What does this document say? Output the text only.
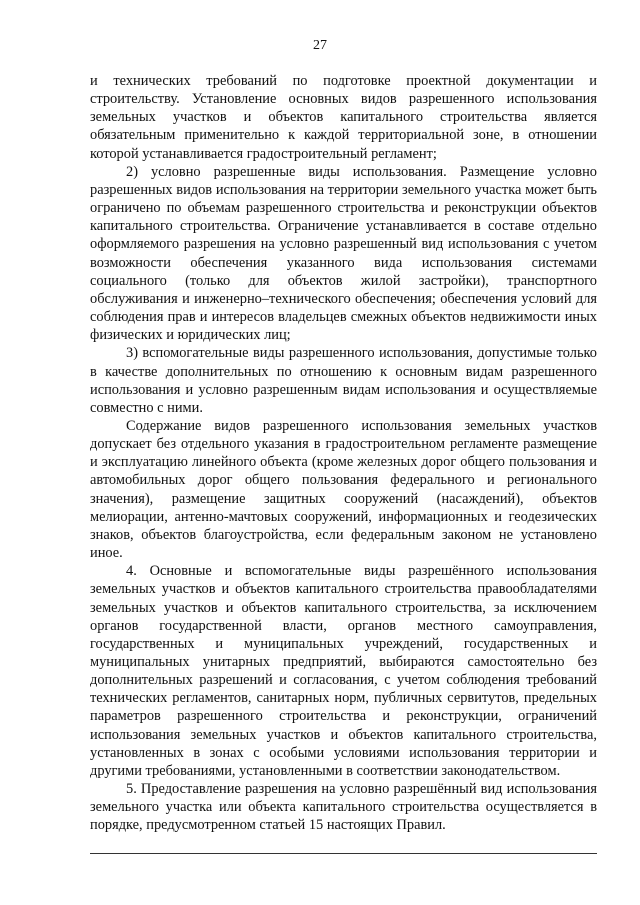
27

и технических требований по подготовке проектной документации и строительству. Установление основных видов разрешенного использования земельных участков и объектов капитального строительства является обязательным применительно к каждой территориальной зоне, в отношении которой устанавливается градостроительный регламент;

2) условно разрешенные виды использования. Размещение условно разрешенных видов использования на территории земельного участка может быть ограничено по объемам разрешенного строительства и реконструкции объектов капитального строительства. Ограничение устанавливается в составе отдельно оформляемого разрешения на условно разрешенный вид использования с учетом возможности обеспечения указанного вида использования системами социального (только для объектов жилой застройки), транспортного обслуживания и инженерно–технического обеспечения; обеспечения условий для соблюдения прав и интересов владельцев смежных объектов недвижимости иных физических и юридических лиц;

3) вспомогательные виды разрешенного использования, допустимые только в качестве дополнительных по отношению к основным видам разрешенного использования и условно разрешенным видам использования и осуществляемые совместно с ними.

Содержание видов разрешенного использования земельных участков допускает без отдельного указания в градостроительном регламенте размещение и эксплуатацию линейного объекта (кроме железных дорог общего пользования и автомобильных дорог общего пользования федерального и регионального значения), размещение защитных сооружений (насаждений), объектов мелиорации, антенно-мачтовых сооружений, информационных и геодезических знаков, объектов благоустройства, если федеральным законом не установлено иное.

4. Основные и вспомогательные виды разрешённого использования земельных участков и объектов капитального строительства правообладателями земельных участков и объектов капитального строительства, за исключением органов государственной власти, органов местного самоуправления, государственных и муниципальных учреждений, государственных и муниципальных унитарных предприятий, выбираются самостоятельно без дополнительных разрешений и согласования, с учетом соблюдения требований технических регламентов, санитарных норм, публичных сервитутов, предельных параметров разрешенного строительства и реконструкции, ограничений использования земельных участков и объектов капитального строительства, установленных в зонах с особыми условиями использования территории и другими требованиями, установленными в соответствии законодательством.

5. Предоставление разрешения на условно разрешённый вид использования земельного участка или объекта капитального строительства осуществляется в порядке, предусмотренном статьей 15 настоящих Правил.
